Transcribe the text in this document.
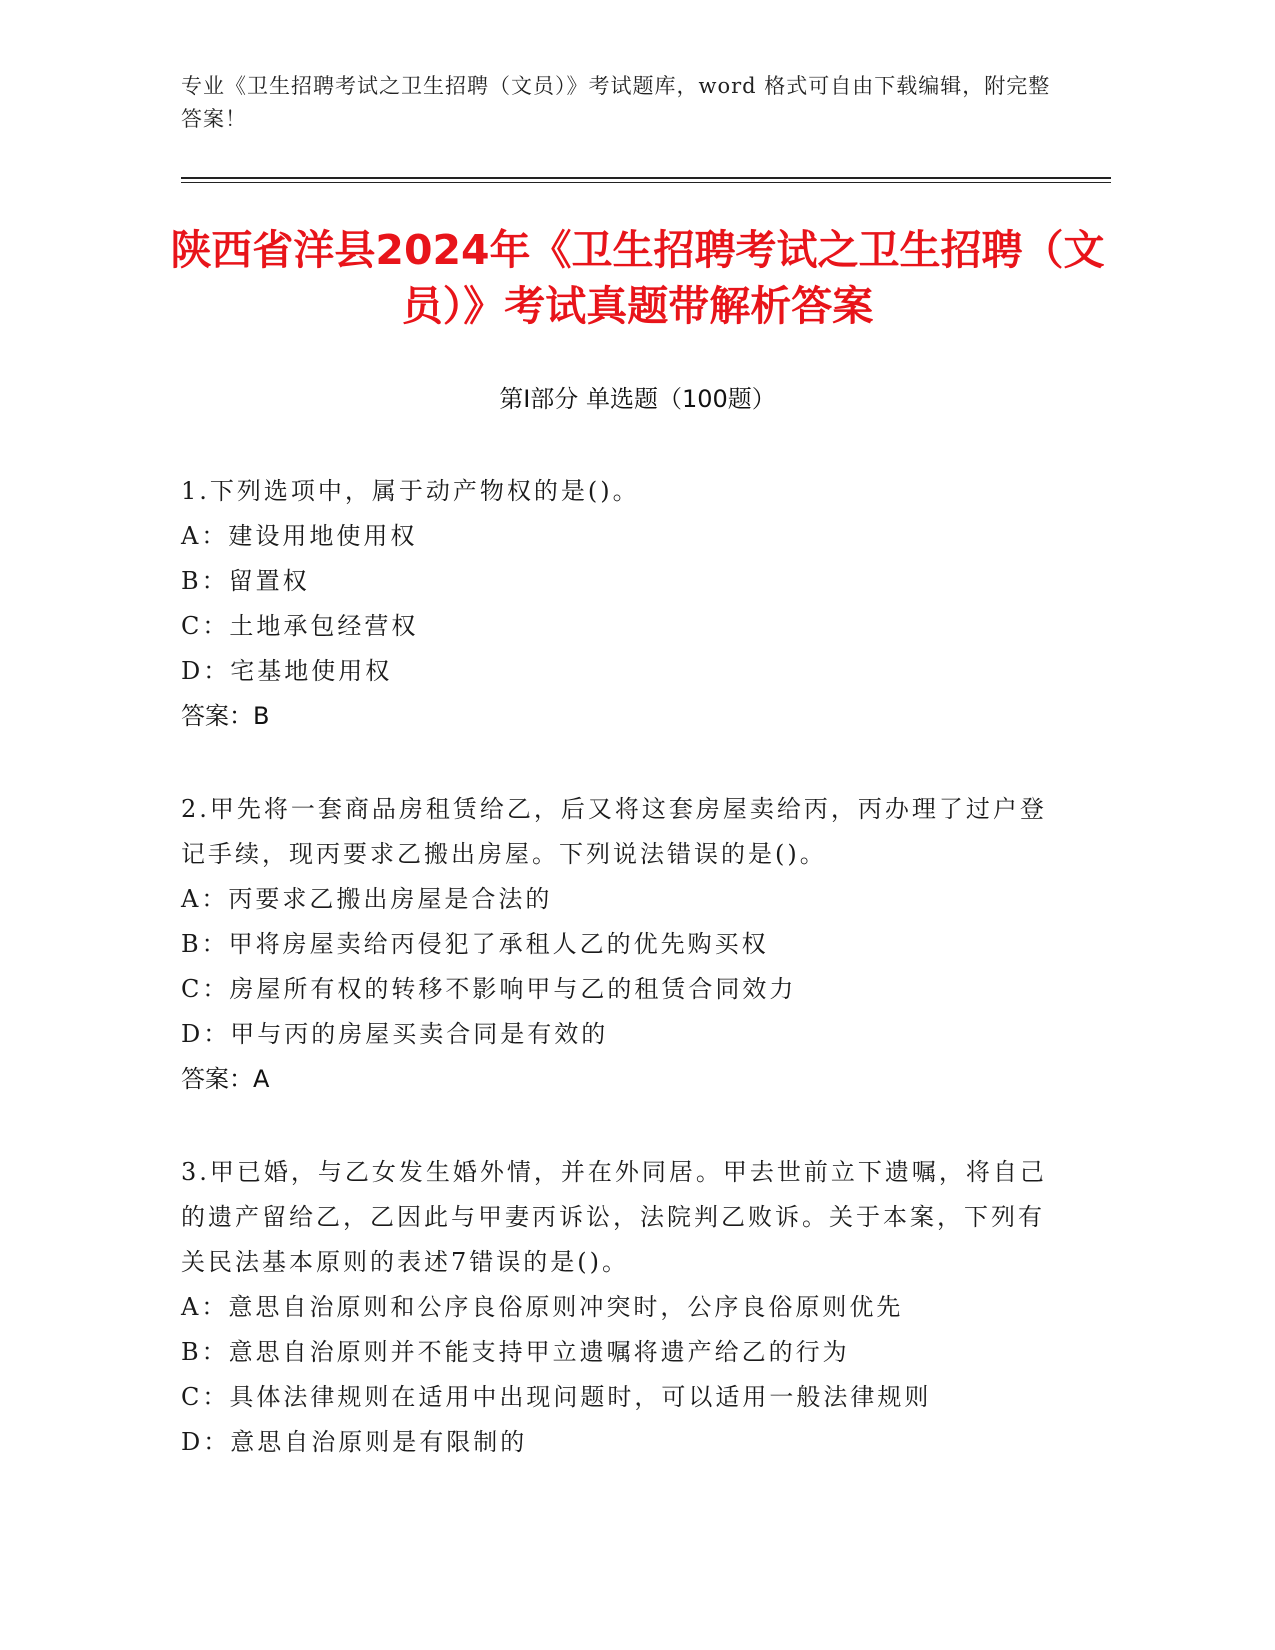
专业《卫生招聘考试之卫生招聘（文员）》考试题库，word 格式可自由下载编辑，附完整答案！
陕西省洋县2024年《卫生招聘考试之卫生招聘（文员）》考试真题带解析答案
第Ⅰ部分 单选题（100题）
1.下列选项中，属于动产物权的是()。
A：建设用地使用权
B：留置权
C：土地承包经营权
D：宅基地使用权
答案：B
2.甲先将一套商品房租赁给乙，后又将这套房屋卖给丙，丙办理了过户登记手续，现丙要求乙搬出房屋。下列说法错误的是()。
A：丙要求乙搬出房屋是合法的
B：甲将房屋卖给丙侵犯了承租人乙的优先购买权
C：房屋所有权的转移不影响甲与乙的租赁合同效力
D：甲与丙的房屋买卖合同是有效的
答案：A
3.甲已婚，与乙女发生婚外情，并在外同居。甲去世前立下遗嘱，将自己的遗产留给乙，乙因此与甲妻丙诉讼，法院判乙败诉。关于本案，下列有关民法基本原则的表述7错误的是()。
A：意思自治原则和公序良俗原则冲突时，公序良俗原则优先
B：意思自治原则并不能支持甲立遗嘱将遗产给乙的行为
C：具体法律规则在适用中出现问题时，可以适用一般法律规则
D：意思自治原则是有限制的
